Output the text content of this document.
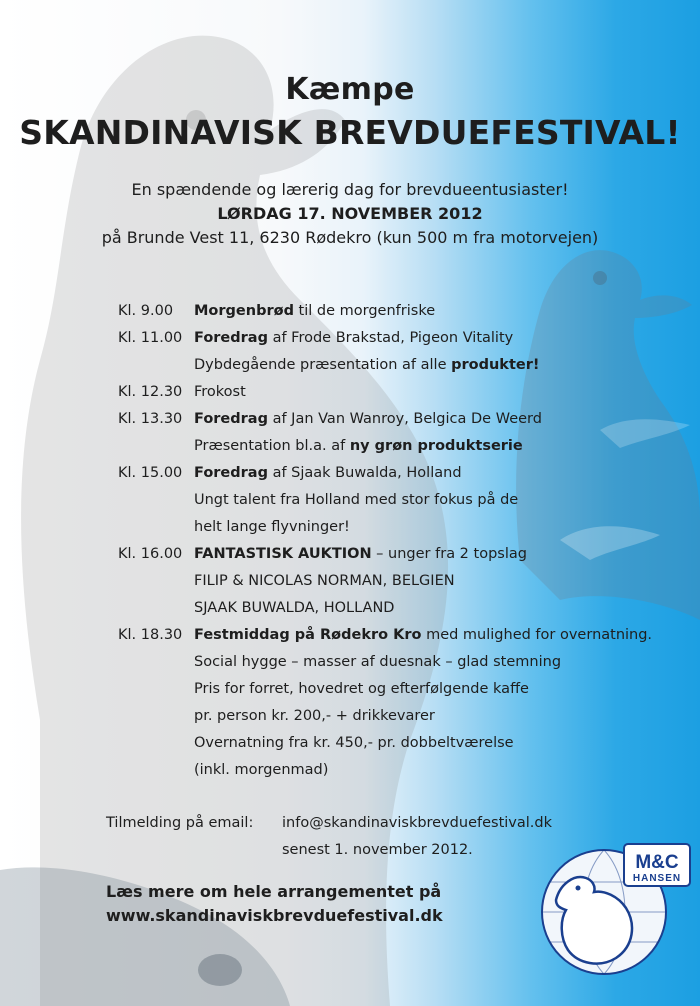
Kæmpe
SKANDINAVISK BREVDUEFESTIVAL!
En spændende og lærerig dag for brevdueentusiaster!
LØRDAG 17. NOVEMBER 2012
på Brunde Vest 11, 6230 Rødekro (kun 500 m fra motorvejen)
Kl. 9.00 Morgenbrød til de morgenfriske
Kl. 11.00 Foredrag af Frode Brakstad, Pigeon Vitality
Dybdegående præsentation af alle produkter!
Kl. 12.30 Frokost
Kl. 13.30 Foredrag af Jan Van Wanroy, Belgica De Weerd
Præsentation bl.a. af ny grøn produktserie
Kl. 15.00 Foredrag af Sjaak Buwalda, Holland
Ungt talent fra Holland med stor fokus på de
helt lange flyvninger!
Kl. 16.00 FANTASTISK AUKTION – unger fra 2 topslag
FILIP & NICOLAS NORMAN, BELGIEN
SJAAK BUWALDA, HOLLAND
Kl. 18.30 Festmiddag på Rødekro Kro med mulighed for overnatning.
Social hygge – masser af duesnak – glad stemning
Pris for forret, hovedret og efterfølgende kaffe
pr. person kr. 200,- + drikkevarer
Overnatning fra kr. 450,- pr. dobbeltværelse
(inkl. morgenmad)
Tilmelding på email: info@skandinaviskbrevduefestival.dk
senest 1. november 2012.
Læs mere om hele arrangementet på
www.skandinaviskbrevduefestival.dk
M&C
HANSEN
